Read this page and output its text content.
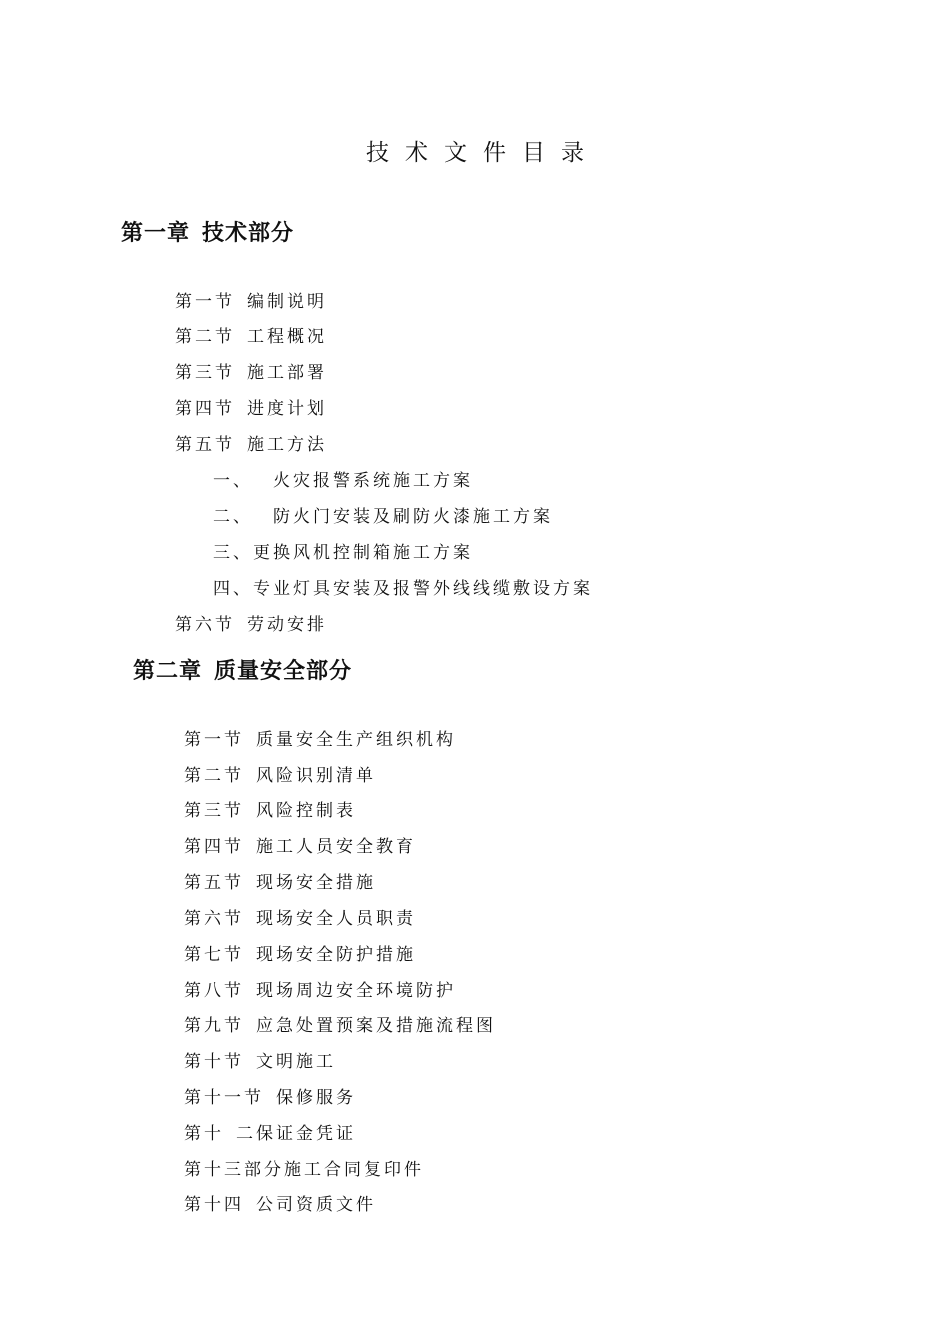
技术文件目录
第一章 技术部分
第一节 编制说明
第二节 工程概况
第三节 施工部署
第四节 进度计划
第五节 施工方法
一、 火灾报警系统施工方案
二、 防火门安装及刷防火漆施工方案
三、更换风机控制箱施工方案
四、专业灯具安装及报警外线线缆敷设方案
第六节 劳动安排
第二章 质量安全部分
第一节 质量安全生产组织机构
第二节 风险识别清单
第三节 风险控制表
第四节 施工人员安全教育
第五节 现场安全措施
第六节 现场安全人员职责
第七节 现场安全防护措施
第八节 现场周边安全环境防护
第九节 应急处置预案及措施流程图
第十节 文明施工
第十一节 保修服务
第十 二保证金凭证
第十三部分施工合同复印件
第十四 公司资质文件
